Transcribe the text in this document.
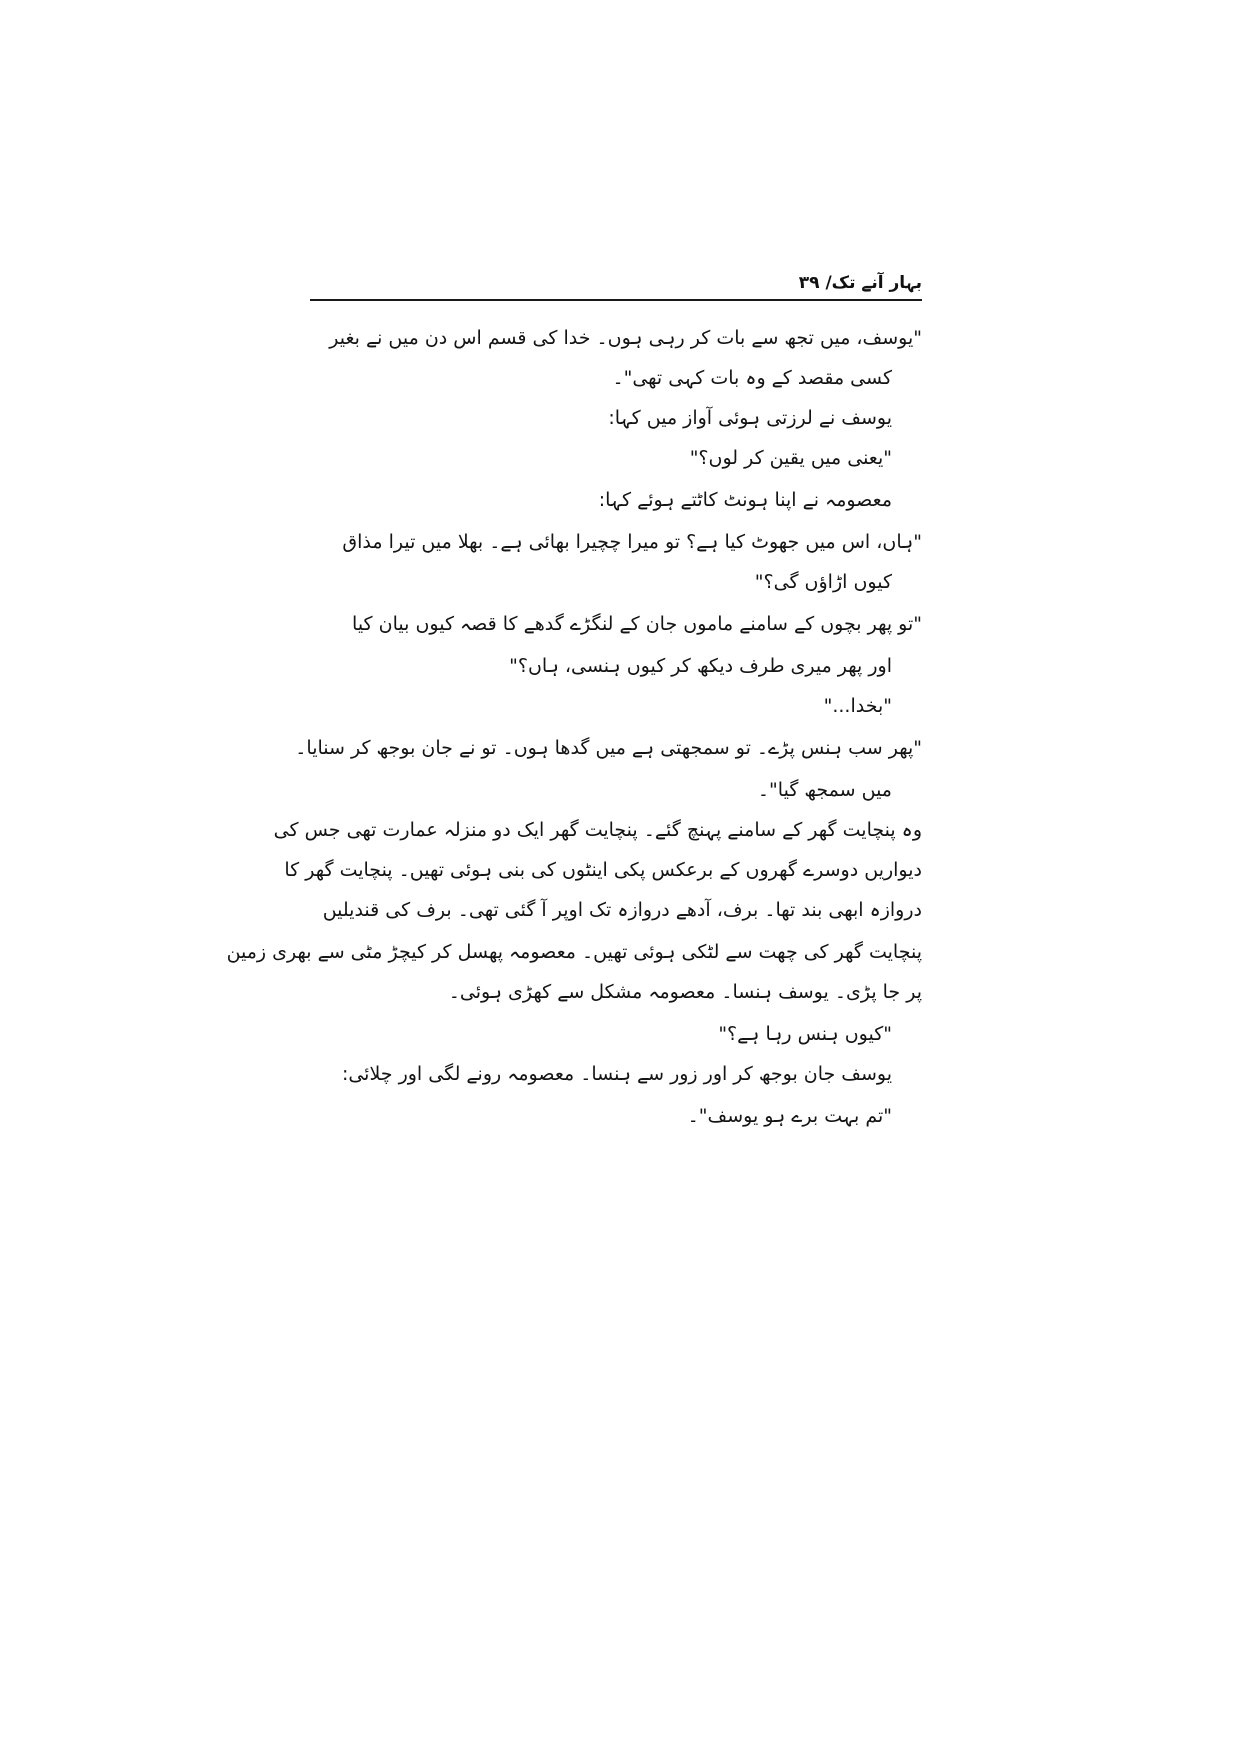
بہار آنے تک/ ۳۹
"یوسف، میں تجھ سے بات کر رہی ہوں۔ خدا کی قسم اس دن میں نے بغیر
کسی مقصد کے وہ بات کہی تھی"۔
یوسف نے لرزتی ہوئی آواز میں کہا:
"یعنی میں یقین کر لوں؟"
معصومہ نے اپنا ہونٹ کاٹتے ہوئے کہا:
"ہاں، اس میں جھوٹ کیا ہے؟ تو میرا چچیرا بھائی ہے۔ بھلا میں تیرا مذاق
کیوں اڑاؤں گی؟"
"تو پھر بچوں کے سامنے ماموں جان کے لنگڑے گدھے کا قصہ کیوں بیان کیا
اور پھر میری طرف دیکھ کر کیوں ہنسی، ہاں؟"
"بخدا..."
"پھر سب ہنس پڑے۔ تو سمجھتی ہے میں گدھا ہوں۔ تو نے جان بوجھ کر سنایا۔
میں سمجھ گیا"۔
وہ پنچایت گھر کے سامنے پہنچ گئے۔ پنچایت گھر ایک دو منزلہ عمارت تھی جس کی
دیواریں دوسرے گھروں کے برعکس پکی اینٹوں کی بنی ہوئی تھیں۔ پنچایت گھر کا
دروازہ ابھی بند تھا۔ برف، آدھے دروازہ تک اوپر آ گئی تھی۔ برف کی قندیلیں
پنچایت گھر کی چھت سے لٹکی ہوئی تھیں۔ معصومہ پھسل کر کیچڑ مٹی سے بھری زمین
پر جا پڑی۔ یوسف ہنسا۔ معصومہ مشکل سے کھڑی ہوئی۔
"کیوں ہنس رہا ہے؟"
یوسف جان بوجھ کر اور زور سے ہنسا۔ معصومہ رونے لگی اور چلائی:
"تم بہت برے ہو یوسف"۔
